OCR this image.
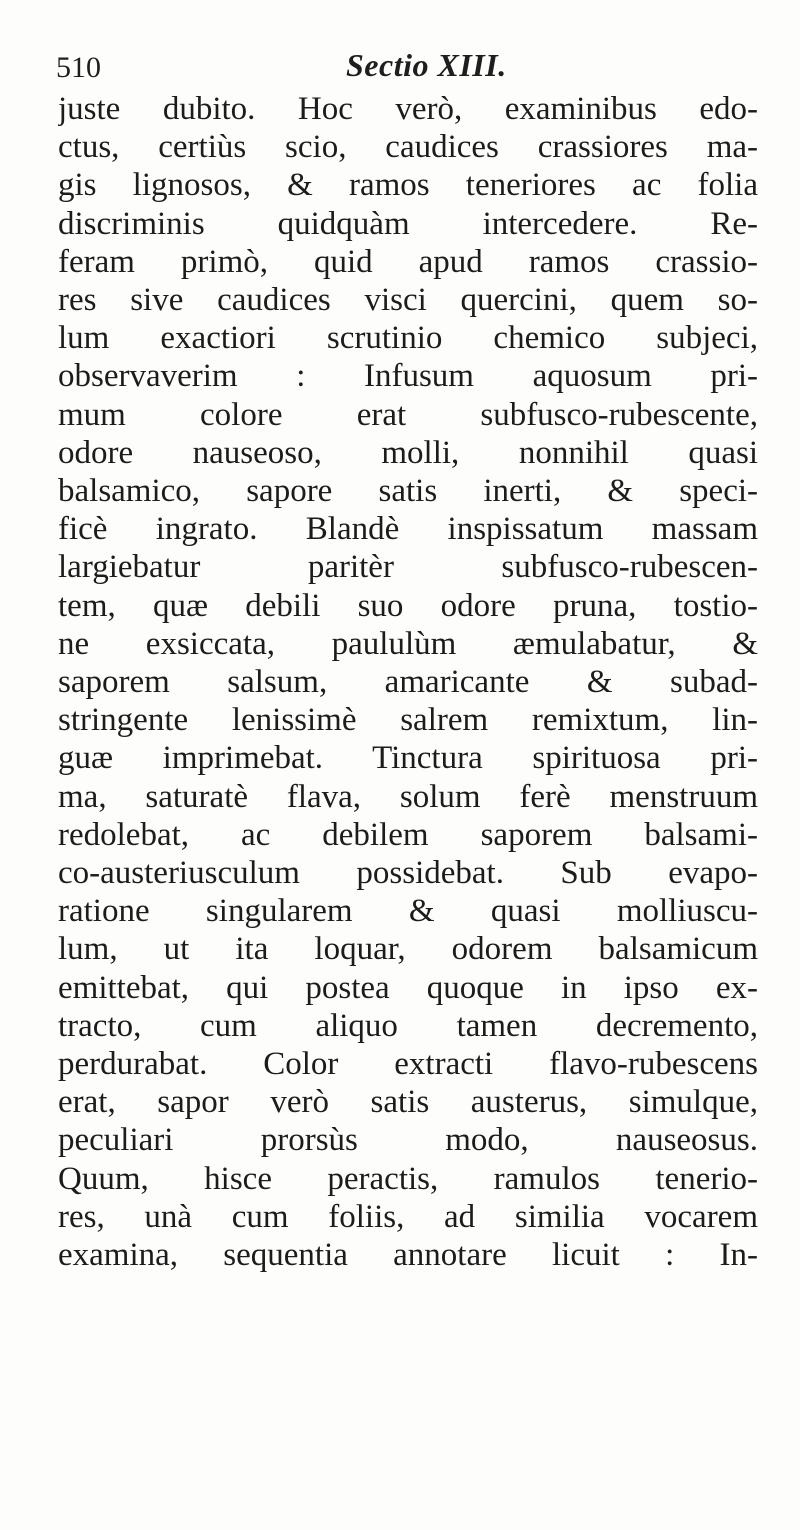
510	Sectio XIII.
juste dubito. Hoc verò, examinibus edo-
ctus, certiùs scio, caudices crassiores ma-
gis lignosos, & ramos teneriores ac folia
discriminis quidquàm intercedere. Re-
feram primò, quid apud ramos crassio-
res sive caudices visci quercini, quem so-
lum exactiori scrutinio chemico subjeci,
observaverim : Infusum aquosum pri-
mum colore erat subfusco-rubescente,
odore nauseoso, molli, nonnihil quasi
balsamico, sapore satis inerti, & speci-
ficè ingrato. Blandè inspissatum massam
largiebatur paritèr subfusco-rubescen-
tem, quæ debili suo odore pruna, tostio-
ne exsiccata, paululùm æmulabatur, &
saporem salsum, amaricante & subad-
stringente lenissimè salrem remixtum, lin-
guæ imprimebat. Tinctura spirituosa pri-
ma, saturatè flava, solum ferè menstruum
redolebat, ac debilem saporem balsami-
co-austeriusculum possidebat. Sub evapo-
ratione singularem & quasi molliuscu-
lum, ut ita loquar, odorem balsamicum
emittebat, qui postea quoque in ipso ex-
tracto, cum aliquo tamen decremento,
perdurabat. Color extracti flavo-rubescens
erat, sapor verò satis austerus, simulque,
peculiari prorsùs modo, nauseosus.
Quum, hisce peractis, ramulos tenerio-
res, unà cum foliis, ad similia vocarem
examina, sequentia annotare licuit : In-
